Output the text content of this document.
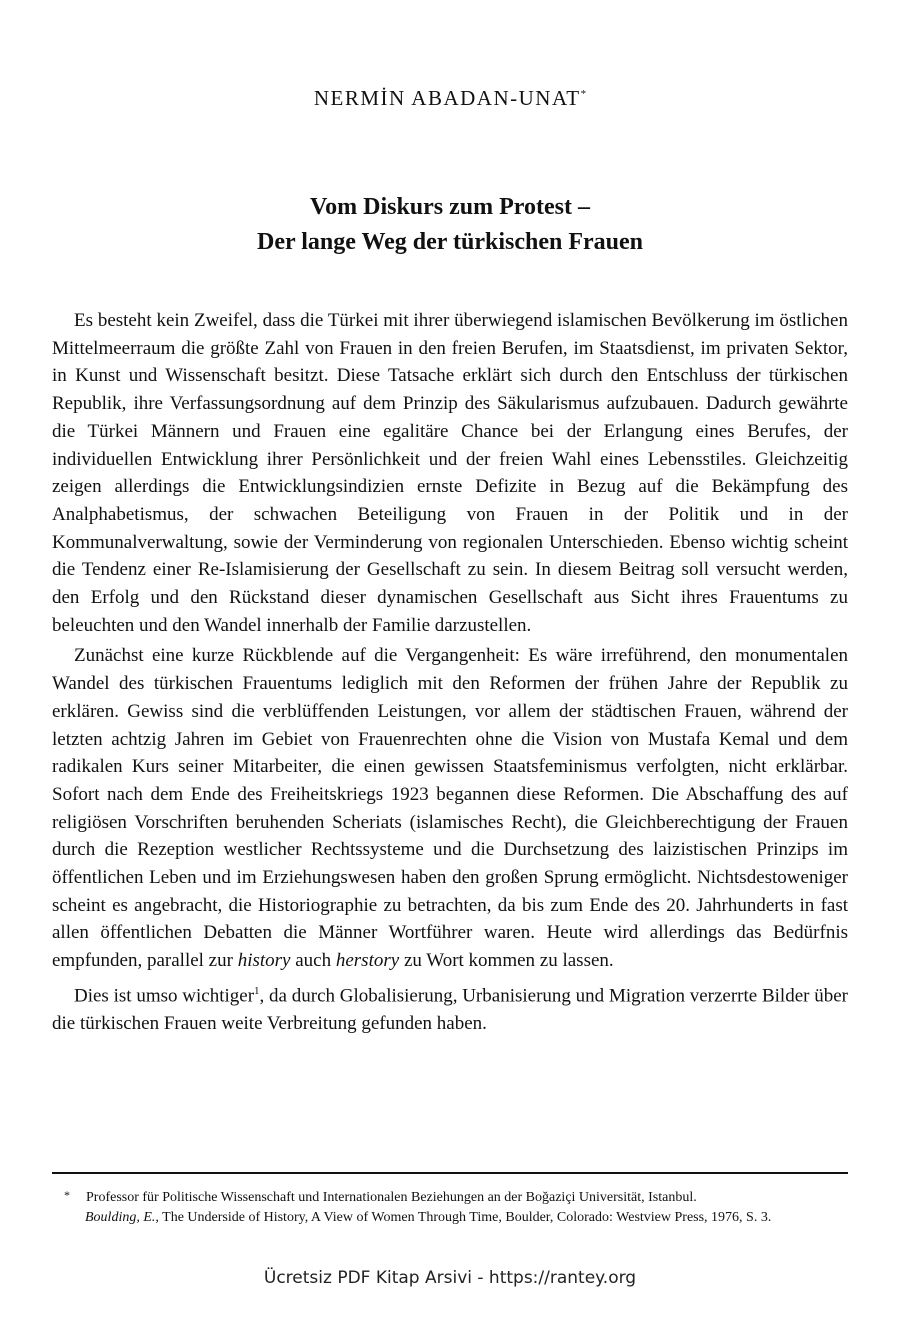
NERMİN ABADAN-UNAT*
Vom Diskurs zum Protest –
Der lange Weg der türkischen Frauen

Es besteht kein Zweifel, dass die Türkei mit ihrer überwiegend islamischen Bevölkerung im östlichen Mittelmeerraum die größte Zahl von Frauen in den freien Berufen, im Staatsdienst, im privaten Sektor, in Kunst und Wissenschaft besitzt. Diese Tatsache erklärt sich durch den Entschluss der türkischen Republik, ihre Verfassungsordnung auf dem Prinzip des Säkularismus aufzubauen. Dadurch gewährte die Türkei Männern und Frauen eine egalitäre Chance bei der Erlangung eines Berufes, der individuellen Entwicklung ihrer Persönlichkeit und der freien Wahl eines Lebensstiles. Gleichzeitig zeigen allerdings die Entwicklungsindizien ernste Defizite in Bezug auf die Bekämpfung des Analphabetismus, der schwachen Beteiligung von Frauen in der Politik und in der Kommunalverwaltung, sowie der Verminderung von regionalen Unterschieden. Ebenso wichtig scheint die Tendenz einer Re-Islamisierung der Gesellschaft zu sein. In diesem Beitrag soll versucht werden, den Erfolg und den Rückstand dieser dynamischen Gesellschaft aus Sicht ihres Frauentums zu beleuchten und den Wandel innerhalb der Familie darzustellen.

Zunächst eine kurze Rückblende auf die Vergangenheit: Es wäre irreführend, den monumentalen Wandel des türkischen Frauentums lediglich mit den Reformen der frühen Jahre der Republik zu erklären. Gewiss sind die verblüffenden Leistungen, vor allem der städtischen Frauen, während der letzten achtzig Jahren im Gebiet von Frauenrechten ohne die Vision von Mustafa Kemal und dem radikalen Kurs seiner Mitarbeiter, die einen gewissen Staatsfeminismus verfolgten, nicht erklärbar. Sofort nach dem Ende des Freiheitskriegs 1923 begannen diese Reformen. Die Abschaffung des auf religiösen Vorschriften beruhenden Scheriats (islamisches Recht), die Gleichberechtigung der Frauen durch die Rezeption westlicher Rechtssysteme und die Durchsetzung des laizistischen Prinzips im öffentlichen Leben und im Erziehungswesen haben den großen Sprung ermöglicht. Nichtsdestoweniger scheint es angebracht, die Historiographie zu betrachten, da bis zum Ende des 20. Jahrhunderts in fast allen öffentlichen Debatten die Männer Wortführer waren. Heute wird allerdings das Bedürfnis empfunden, parallel zur history auch herstory zu Wort kommen zu lassen.

Dies ist umso wichtiger$^1$, da durch Globalisierung, Urbanisierung und Migration verzerrte Bilder über die türkischen Frauen weite Verbreitung gefunden haben.

* Professor für Politische Wissenschaft und Internationalen Beziehungen an der Boğaziçi Universität, Istanbul.

Boulding, E., The Underside of History, A View of Women Through Time, Boulder, Colorado: Westview Press, 1976, S. 3.

Ücretsiz PDF Kitap Arsivi - https://rantey.org
